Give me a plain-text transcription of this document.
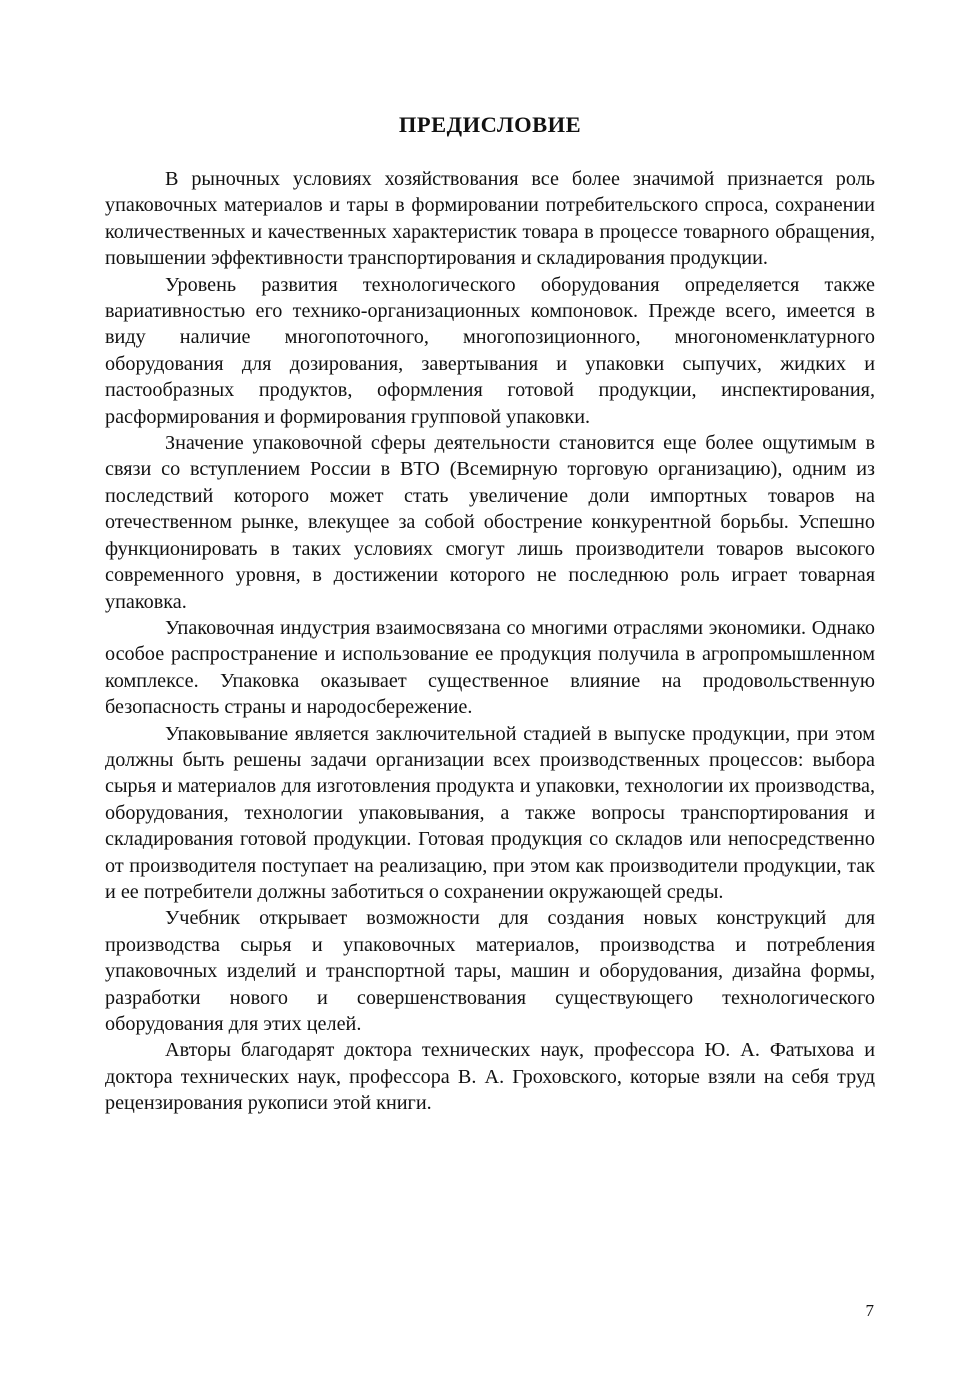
ПРЕДИСЛОВИЕ

В рыночных условиях хозяйствования все более значимой признается роль упаковочных материалов и тары в формировании потребительского спроса, сохранении количественных и качественных характеристик товара в процессе товарного обращения, повышении эффективности транспортирования и складирования продукции.

Уровень развития технологического оборудования определяется также вариативностью его технико-организационных компоновок. Прежде всего, имеется в виду наличие многопоточного, многопозиционного, многономенклатурного оборудования для дозирования, завертывания и упаковки сыпучих, жидких и пастообразных продуктов, оформления готовой продукции, инспектирования, расформирования и формирования групповой упаковки.

Значение упаковочной сферы деятельности становится еще более ощутимым в связи со вступлением России в ВТО (Всемирную торговую организацию), одним из последствий которого может стать увеличение доли импортных товаров на отечественном рынке, влекущее за собой обострение конкурентной борьбы. Успешно функционировать в таких условиях смогут лишь производители товаров высокого современного уровня, в достижении которого не последнюю роль играет товарная упаковка.

Упаковочная индустрия взаимосвязана со многими отраслями экономики. Однако особое распространение и использование ее продукция получила в агропромышленном комплексе. Упаковка оказывает существенное влияние на продовольственную безопасность страны и народосбережение.

Упаковывание является заключительной стадией в выпуске продукции, при этом должны быть решены задачи организации всех производственных процессов: выбора сырья и материалов для изготовления продукта и упаковки, технологии их производства, оборудования, технологии упаковывания, а также вопросы транспортирования и складирования готовой продукции. Готовая продукция со складов или непосредственно от производителя поступает на реализацию, при этом как производители продукции, так и ее потребители должны заботиться о сохранении окружающей среды.

Учебник открывает возможности для создания новых конструкций для производства сырья и упаковочных материалов, производства и потребления упаковочных изделий и транспортной тары, машин и оборудования, дизайна формы, разработки нового и совершенствования существующего технологического оборудования для этих целей.

Авторы благодарят доктора технических наук, профессора Ю. А. Фатыхова и доктора технических наук, профессора В. А. Гроховского, которые взяли на себя труд рецензирования рукописи этой книги.

7
